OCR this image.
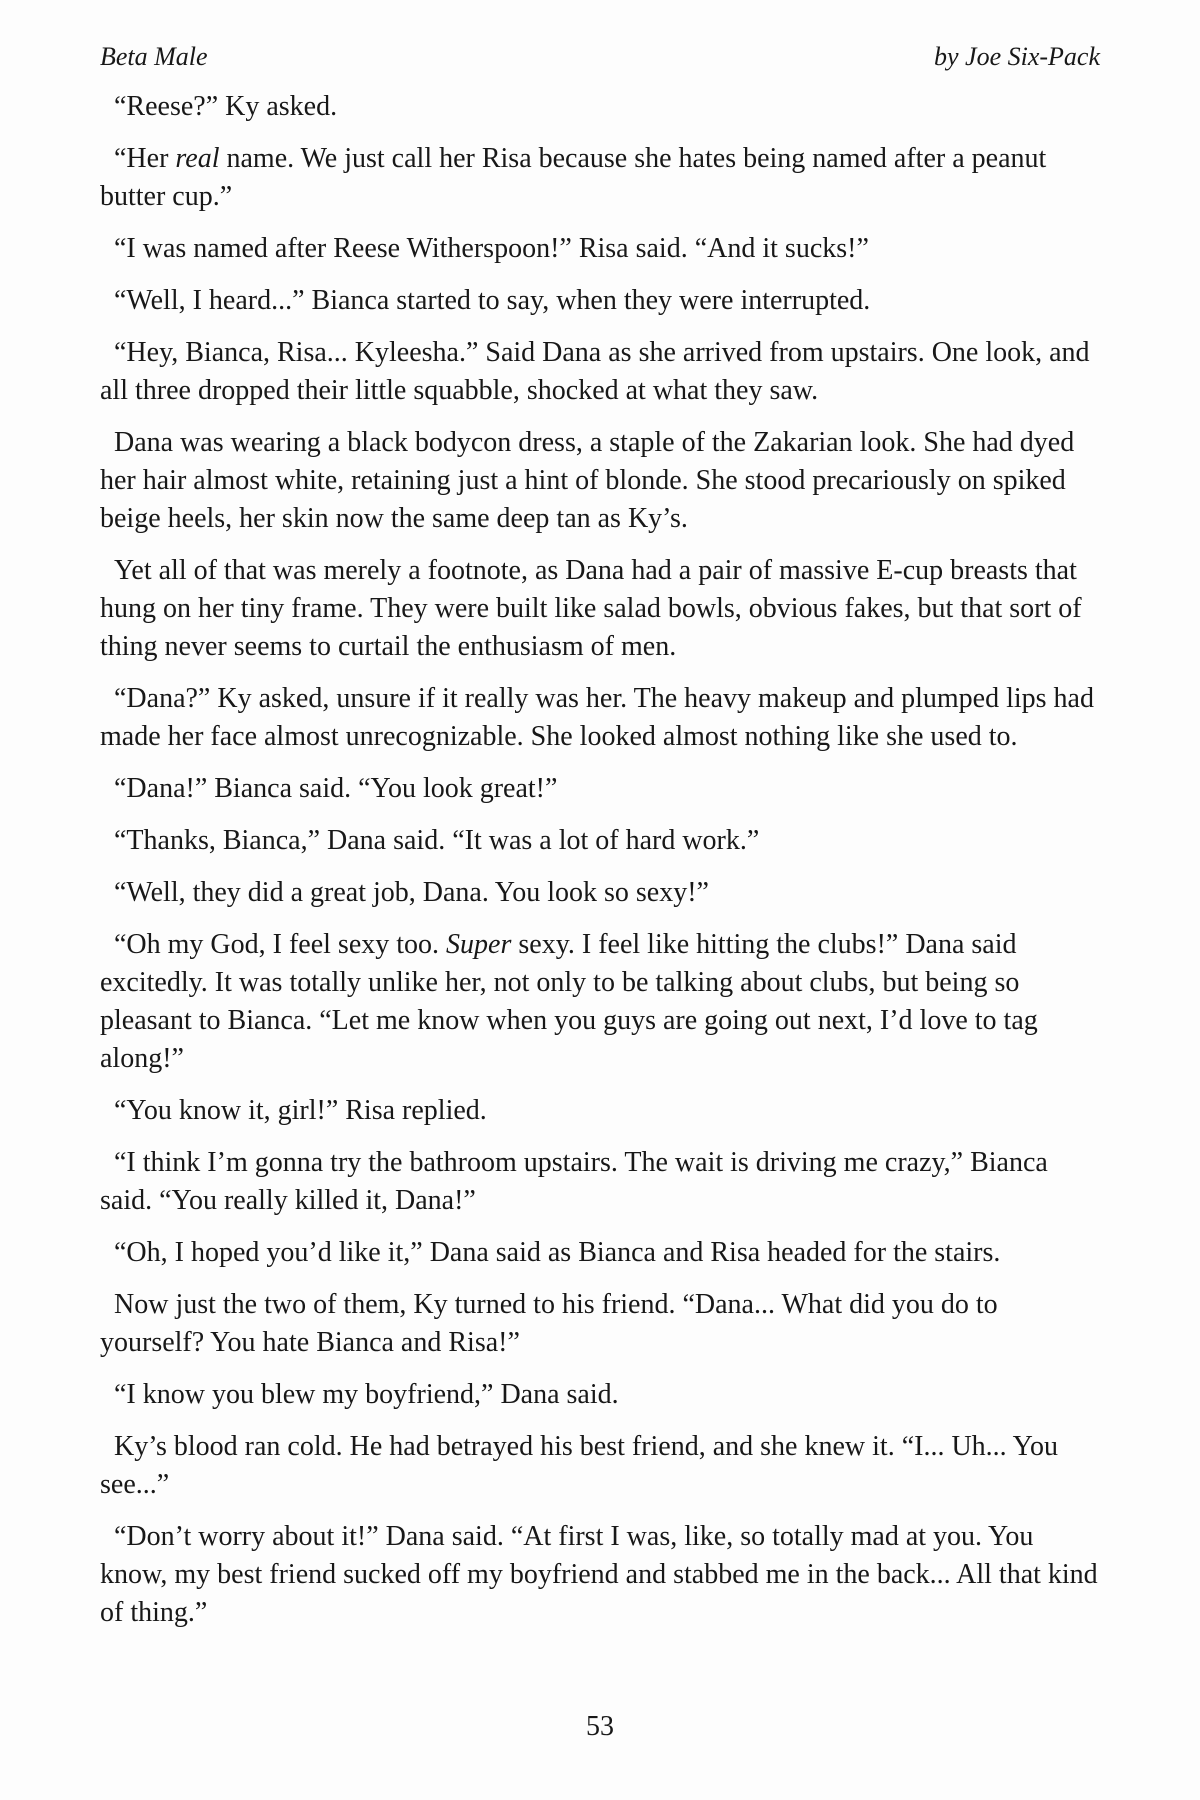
Beta Male	by Joe Six-Pack

“Reese?” Ky asked.

“Her real name. We just call her Risa because she hates being named after a peanut butter cup.”

“I was named after Reese Witherspoon!” Risa said. “And it sucks!”

“Well, I heard...” Bianca started to say, when they were interrupted.

“Hey, Bianca, Risa... Kyleesha.” Said Dana as she arrived from upstairs. One look, and all three dropped their little squabble, shocked at what they saw.

Dana was wearing a black bodycon dress, a staple of the Zakarian look. She had dyed her hair almost white, retaining just a hint of blonde. She stood precariously on spiked beige heels, her skin now the same deep tan as Ky’s.

Yet all of that was merely a footnote, as Dana had a pair of massive E-cup breasts that hung on her tiny frame. They were built like salad bowls, obvious fakes, but that sort of thing never seems to curtail the enthusiasm of men.

“Dana?” Ky asked, unsure if it really was her. The heavy makeup and plumped lips had made her face almost unrecognizable. She looked almost nothing like she used to.

“Dana!” Bianca said. “You look great!”

“Thanks, Bianca,” Dana said. “It was a lot of hard work.”

“Well, they did a great job, Dana. You look so sexy!”

“Oh my God, I feel sexy too. Super sexy. I feel like hitting the clubs!” Dana said excitedly. It was totally unlike her, not only to be talking about clubs, but being so pleasant to Bianca. “Let me know when you guys are going out next, I’d love to tag along!”

“You know it, girl!” Risa replied.

“I think I’m gonna try the bathroom upstairs. The wait is driving me crazy,” Bianca said. “You really killed it, Dana!”

“Oh, I hoped you’d like it,” Dana said as Bianca and Risa headed for the stairs.

Now just the two of them, Ky turned to his friend. “Dana... What did you do to yourself? You hate Bianca and Risa!”

“I know you blew my boyfriend,” Dana said.

Ky’s blood ran cold. He had betrayed his best friend, and she knew it. “I... Uh... You see...”

“Don’t worry about it!” Dana said. “At first I was, like, so totally mad at you. You know, my best friend sucked off my boyfriend and stabbed me in the back... All that kind of thing.”

53
